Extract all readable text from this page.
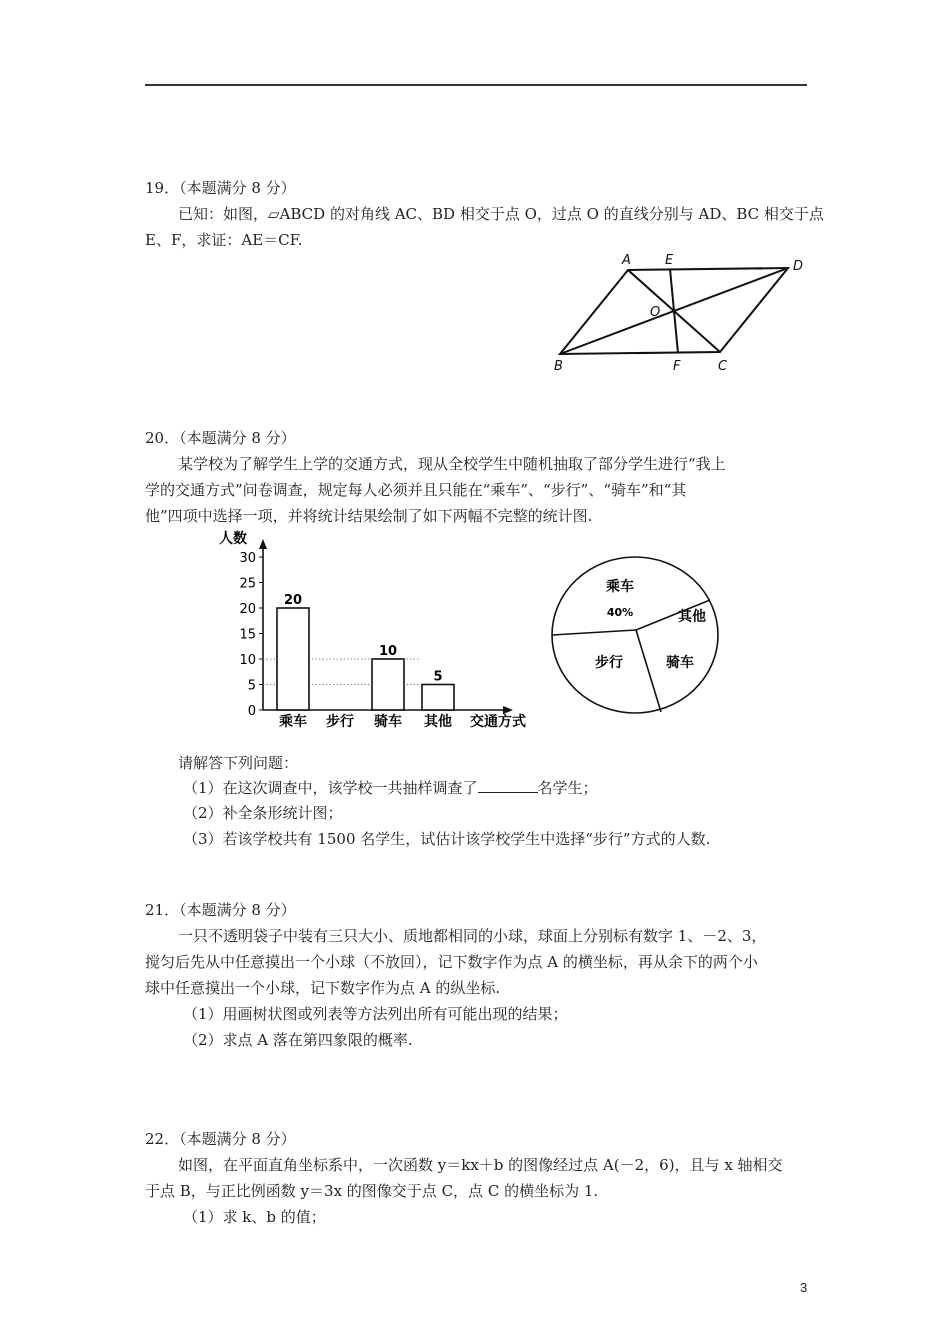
19．（本题满分 8 分）
已知：如图，▱ABCD 的对角线 AC、BD 相交于点 O，过点 O 的直线分别与 AD、BC 相交于点
E、F，求证：AE＝CF.
A	E	D
O
B	F	C
20．（本题满分 8 分）
某学校为了解学生上学的交通方式，现从全校学生中随机抽取了部分学生进行“我上
学的交通方式”问卷调查，规定每人必须并且只能在“乘车”、“步行”、“骑车”和“其
他”四项中选择一项，并将统计结果绘制了如下两幅不完整的统计图.
人数
交通方式
0
5
10
15
20
25
30
20
乘车 步行
10
骑车
5
其他
乘车
40%	其他
骑车
步行
请解答下列问题：
（1）在这次调查中，该学校一共抽样调查了	名学生；
（2）补全条形统计图；
（3）若该学校共有 1500 名学生，试估计该学校学生中选择“步行”方式的人数.
21．（本题满分 8 分）
一只不透明袋子中装有三只大小、质地都相同的小球，球面上分别标有数字 1、－2、3，
搅匀后先从中任意摸出一个小球（不放回），记下数字作为点 A 的横坐标，再从余下的两个小
球中任意摸出一个小球，记下数字作为点 A 的纵坐标.
（1）用画树状图或列表等方法列出所有可能出现的结果；
（2）求点 A 落在第四象限的概率.
22．（本题满分 8 分）
如图，在平面直角坐标系中，一次函数 y＝kx＋b 的图像经过点 A(－2，6)，且与 x 轴相交
于点 B，与正比例函数 y＝3x 的图像交于点 C，点 C 的横坐标为 1.
（1）求 k、b 的值；
3
